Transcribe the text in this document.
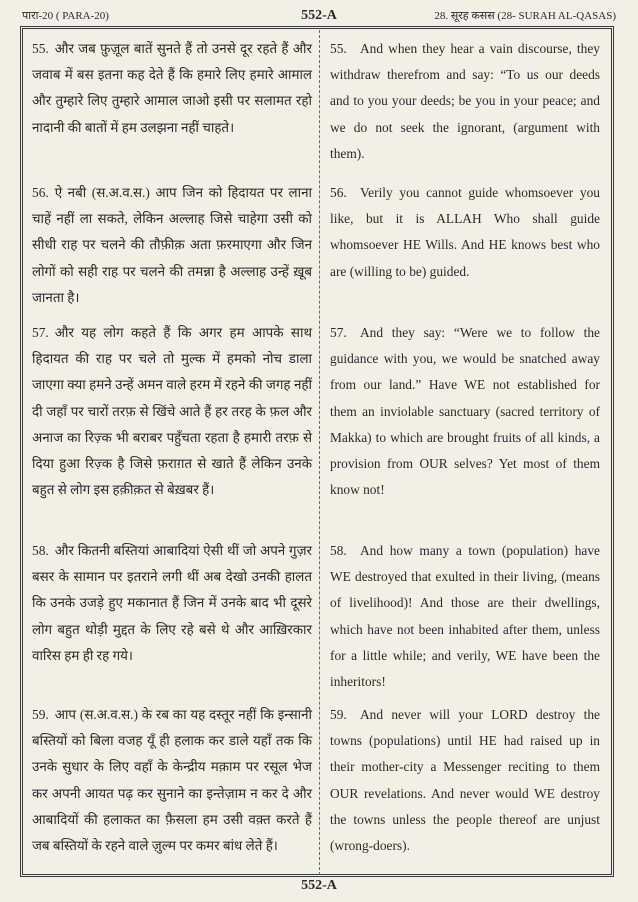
पारा-20 ( PARA-20)	552-A	28. सूरह कसस (28- SURAH AL-QASAS)
55. और जब फ़ुज़ूल बातें सुनते हैं तो उनसे दूर रहते हैं और जवाब में बस इतना कह देते हैं कि हमारे लिए हमारे आमाल और तुम्हारे लिए तुम्हारे आमाल जाओ इसी पर सलामत रहो नादानी की बातों में हम उलझना नहीं चाहते।
55. And when they hear a vain discourse, they withdraw therefrom and say: “To us our deeds and to you your deeds; be you in your peace; and we do not seek the ignorant, (argument with them).
56. ऐ नबी (स.अ.व.स.) आप जिन को हिदायत पर लाना चाहें नहीं ला सकते, लेकिन अल्लाह जिसे चाहेगा उसी को सीधी राह पर चलने की तौफ़ीक़ अता फ़रमाएगा और जिन लोगों को सही राह पर चलने की तमन्ना है अल्लाह उन्हें ख़ूब जानता है।
56. Verily you cannot guide whomsoever you like, but it is ALLAH Who shall guide whomsoever HE Wills. And HE knows best who are (willing to be) guided.
57. और यह लोग कहते हैं कि अगर हम आपके साथ हिदायत की राह पर चले तो मुल्क में हमको नोच डाला जाएगा क्या हमने उन्हें अमन वाले हरम में रहने की जगह नहीं दी जहाँ पर चारों तरफ़ से खिंचे आते हैं हर तरह के फ़ल और अनाज का रिज़्क भी बराबर पहुँचता रहता है हमारी तरफ़ से दिया हुआ रिज़्क है जिसे फ़राग़त से खाते हैं लेकिन उनके बहुत से लोग इस हक़ीक़त से बेख़बर हैं।
57. And they say: “Were we to follow the guidance with you, we would be snatched away from our land.” Have WE not established for them an inviolable sanctuary (sacred territory of Makka) to which are brought fruits of all kinds, a provision from OUR selves? Yet most of them know not!
58. और कितनी बस्तियां आबादियां ऐसी थीं जो अपने गुज़र बसर के सामान पर इतराने लगी थीं अब देखो उनकी हालत कि उनके उजड़े हुए मकानात हैं जिन में उनके बाद भी दूसरे लोग बहुत थोड़ी मुद्दत के लिए रहे बसे थे और आख़िरकार वारिस हम ही रह गये।
58. And how many a town (population) have WE destroyed that exulted in their living, (means of livelihood)! And those are their dwellings, which have not been inhabited after them, unless for a little while; and verily, WE have been the inheritors!
59. आप (स.अ.व.स.) के रब का यह दस्तूर नहीं कि इन्सानी बस्तियों को बिला वजह यूँ ही हलाक कर डाले यहाँ तक कि उनके सुधार के लिए वहाँ के केन्द्रीय मक़ाम पर रसूल भेज कर अपनी आयत पढ़ कर सुनाने का इन्तेज़ाम न कर दे और आबादियों की हलाकत का फ़ैसला हम उसी वक़्त करते हैं जब बस्तियों के रहने वाले ज़ुल्म पर कमर बांध लेते हैं।
59. And never will your LORD destroy the towns (populations) until HE had raised up in their mother-city a Messenger reciting to them OUR revelations. And never would WE destroy the towns unless the people thereof are unjust (wrong-doers).
552-A
